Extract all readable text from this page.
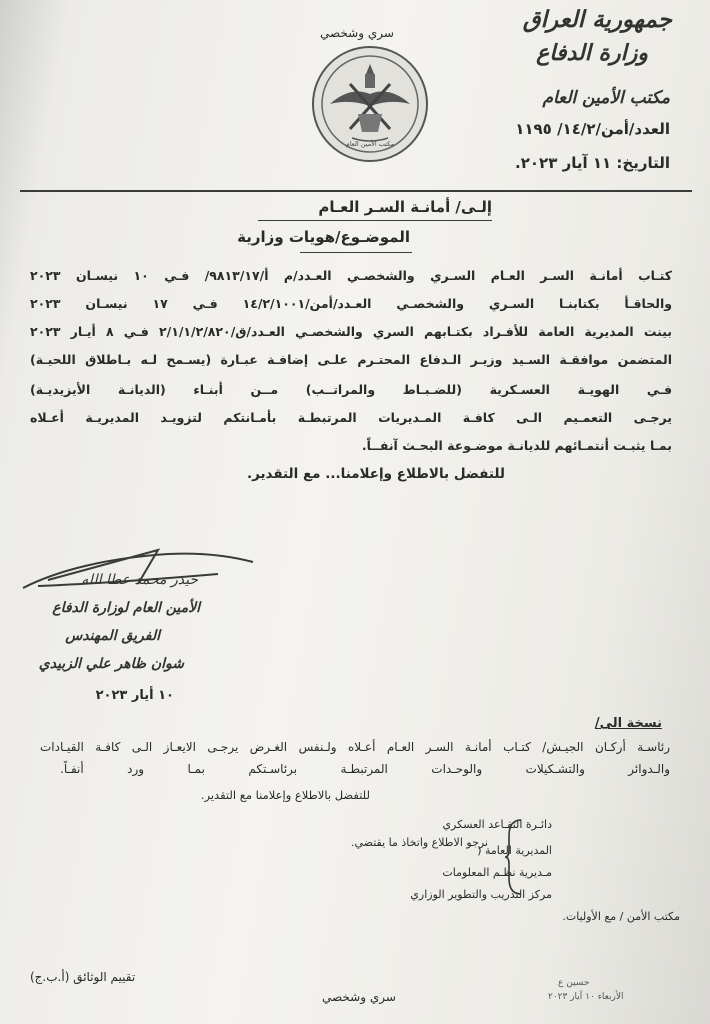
جمهورية العراق
وزارة الدفاع
مكتب الأمين العام
العدد/أمن/١٤/٢/ ١١٩٥
التاريخ: ١١ آيار ٢٠٢٣.
سري وشخصي
مكتب الأمين العام
إلـى/ أمانـة السـر العـام
الموضـوع/هويات وزارية
كتـاب أمانـة السـر العـام السـري والشخصـي العـدد/م أ/٩٨١٣/١٧/ فـي ١٠ نيسـان ٢٠٢٣
والحاقـأ بكتابنـا السـري والشخصـي العـدد/أمن/١٤/٢/١٠٠١ فـي ١٧ نيسـان ٢٠٢٣
بينت المديرية العامة للأفـراد بكتـابهم السري والشخصـي العـدد/ق/٢/١/١/٢/٨٢٠ فـي ٨ أيـار ٢٠٢٣
المتضمن موافقـة السـيد وزيـر الـدفاع المحتـرم علـى إضافـة عبـارة (يسـمح لـه بـاطلاق اللحيـة)
فـي الهويـة العسـكرية (للضـبـاط والمراتــب) مــن أبنـاء (الديانـة الأيزيديـة)
يرجـى التعمـيم الـى كافـة المـديريات المرتبطـة بأمـانتكم لتزويـد المديريـة أعـلاه
بمـا يثبـت أنتمـائهم للديانـة موضـوعة البحـث آنفــاً.
للتفضل بالاطلاع وإعلامنا... مع التقدير.
حيدر محمد عطا الله
الأمين العام لوزارة الدفاع
الفريق المهندس
شوان ظاهر علي الزبيدي
١٠ أيار ٢٠٢٣
نسخة الى/
رئاسـة أركـان الجيـش/ كتـاب أمانـة السـر العـام أعـلاه ولـنفس الغـرض يرجـى الايعـاز الـى كافـة القيـادات
والـدوائر والتشـكيلات والوحـدات المرتبطـة برئاسـتكم بمـا ورد أنفـاً.
للتفضل بالاطلاع وإعلامنا مع التقدير.
دائـرة التقـاعد العسكري
المديرية العامة (
مـديرية نظـم المعلومات
مركز التدريب والتطوير الوزاري
مكتب الأمن / مع الأوليات.
نرجو الاطلاع واتخاذ ما يقتضي.
حسين ع
الأربعاء ١٠ آيار ٢٠٢٣
سري وشخصي
تقييم الوثائق (أ.ب.ج)
